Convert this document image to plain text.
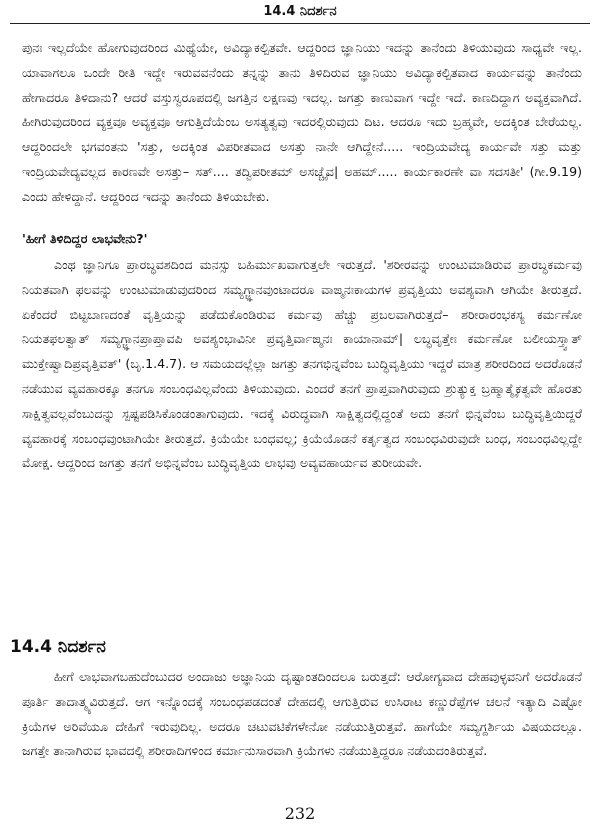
14.4 ನಿದರ್ಶನ

ಪುನಃ ಇಲ್ಲದೆಯೇ ಹೋಗುವುದರಿಂದ ಮಿಥ್ಯೆಯೇ, ಅವಿದ್ಯಾಕಲ್ಪಿತವೇ. ಆದ್ದರಿಂದ ಜ್ಞಾನಿಯು ಇದನ್ನು ತಾನೆಂದು ತಿಳಿಯುವುದು ಸಾಧ್ಯವೇ ಇಲ್ಲ. ಯಾವಾಗಲೂ ಒಂದೇ ರೀತಿ ಇದ್ದೇ ಇರುವವನೆಂದು ತನ್ನನ್ನು ತಾನು ತಿಳಿದಿರುವ ಜ್ಞಾನಿಯು ಅವಿದ್ಯಾಕಲ್ಪಿತವಾದ ಕಾರ್ಯವನ್ನು ತಾನೆಂದು ಹೇಗಾದರೂ ತಿಳಿದಾನು? ಆದರೆ ವಸ್ತುಸ್ವರೂಪದಲ್ಲಿ ಜಗತ್ತಿನ ಲಕ್ಷಣವು ಇದಲ್ಲ. ಜಗತ್ತು ಕಾಣುವಾಗ ಇದ್ದೇ ಇದೆ. ಕಾಣದಿದ್ದಾಗ ಅವ್ಯಕ್ತವಾಗಿದೆ. ಹೀಗಿರುವುದರಿಂದ ವ್ಯಕ್ತವೂ ಅವ್ಯಕ್ತವೂ ಆಗುತ್ತಿದೆಯೆಂಬ ಅಸತ್ಯತ್ವವು ಇದರಲ್ಲಿರುವುದು ದಿಟ. ಆದರೂ ಇದು ಬ್ರಹ್ಮವೇ, ಅದಕ್ಕಿಂತ ಬೇರೆಯಲ್ಲ. ಆದ್ದರಿಂದಲೇ ಭಗವಂತನು 'ಸತ್ತು, ಅದಕ್ಕಿಂತ ವಿಪರೀತವಾದ ಅಸತ್ತು ನಾನೇ ಆಗಿದ್ದೇನೆ..... ಇಂದ್ರಿಯವೇದ್ಯ ಕಾರ್ಯವೇ ಸತ್ತು ಮತ್ತು ಇಂದ್ರಿಯವೇದ್ಯವಲ್ಲದ ಕಾರಣವೇ ಅಸತ್ತು– ಸತ್.... ತದ್ವಿಪರೀತಮ್ ಅಸಚ್ಚೈವ| ಅಹಮ್..... ಕಾರ್ಯಕಾರಣೇ ವಾ ಸದಸತೀ' (ಗೀ.9.19) ಎಂದು ಹೇಳಿದ್ದಾನೆ. ಆದ್ದರಿಂದ ಇದನ್ನು ತಾನೆಂದು ತಿಳಿಯಬೇಕು.

'ಹೀಗೆ ತಿಳಿದಿದ್ದರ ಲಾಭವೇನು?'

ಎಂಥ ಜ್ಞಾನಿಗೂ ಪ್ರಾರಬ್ಧವಶದಿಂದ ಮನಸ್ಸು ಬಹಿರ್ಮುಖವಾಗುತ್ತಲೇ ಇರುತ್ತದೆ. 'ಶರೀರವನ್ನು ಉಂಟುಮಾಡಿರುವ ಪ್ರಾರಬ್ಧಕರ್ಮವು ನಿಯತವಾಗಿ ಫಲವನ್ನು ಉಂಟುಮಾಡುವುದರಿಂದ ಸಮ್ಯಗ್ಜ್ಞಾನವುಂಟಾದರೂ ವಾಙ್ಮನಃಕಾಯಗಳ ಪ್ರವೃತ್ತಿಯು ಅವಶ್ಯವಾಗಿ ಆಗಿಯೇ ತೀರುತ್ತದೆ. ಏಕೆಂದರೆ ಬಿಟ್ಟಬಾಣದಂತೆ ವೃತ್ತಿಯನ್ನು ಪಡೆದುಕೊಂಡಿರುವ ಕರ್ಮವು ಹೆಚ್ಚು ಪ್ರಬಲವಾಗಿರುತ್ತದೆ– ಶರೀರಾರಂಭಕಸ್ಯ ಕರ್ಮಣೋ ನಿಯತಫಲತ್ವಾತ್ ಸಮ್ಯಗ್ಜ್ಞಾನಪ್ರಾಪ್ತಾವಪಿ ಅವಶ್ಯಂಭಾವಿನೀ ಪ್ರವೃತ್ತಿರ್ವಾಙ್ಮನಃ ಕಾಯಾನಾಮ್| ಲಬ್ಧವೃತ್ತೇಃ ಕರ್ಮಣೋ ಬಲೀಯಸ್ತ್ವಾತ್ ಮುಕ್ತೇಷ್ವಾದಿಪ್ರವೃತ್ತಿವತ್' (ಬೃ.1.4.7). ಆ ಸಮಯದಲ್ಲೆಲ್ಲಾ ಜಗತ್ತು ತನಗಭಿನ್ನವೆಂಬ ಬುದ್ಧಿವೃತ್ತಿಯು ಇದ್ದರೆ ಮಾತ್ರ ಶರೀರದಿಂದ ಅದರೊಡನೆ ನಡೆಯುವ ವ್ಯವಹಾರಕ್ಕೂ ತನಗೂ ಸಂಬಂಧವಿಲ್ಲವೆಂದು ತಿಳಿಯುವುದು. ಎಂದರೆ ತನಗೆ ಪ್ರಾಪ್ತವಾಗಿರುವುದು ಶ್ರುತ್ಯುಕ್ತ ಬ್ರಹ್ಮಾತ್ಮೈಕತ್ವವೇ ಹೊರತು ಸಾಕ್ಷಿತ್ವವಲ್ಲವೆಂಬುದನ್ನು ಸ್ಪಷ್ಟಪಡಿಸಿಕೊಂಡಂತಾಗುವುದು. ಇದಕ್ಕೆ ವಿರುದ್ಧವಾಗಿ ಸಾಕ್ಷಿತ್ವದಲ್ಲಿದ್ದಂತೆ ಅದು ತನಗೆ ಭಿನ್ನವೆಂಬ ಬುದ್ಧಿವೃತ್ತಿಯಿದ್ದರೆ ವ್ಯವಹಾರಕ್ಕೆ ಸಂಬಂಧವುಂಟಾಗಿಯೇ ತೀರುತ್ತದೆ. ಕ್ರಿಯೆಯೇ ಬಂಧವಲ್ಲ; ಕ್ರಿಯೆಯೊಡನೆ ಕರ್ತೃತ್ವದ ಸಂಬಂಧವಿರುವುದೇ ಬಂಧ, ಸಂಬಂಧವಿಲ್ಲದ್ದೇ ಮೋಕ್ಷ. ಆದ್ದರಿಂದ ಜಗತ್ತು ತನಗೆ ಅಭಿನ್ನವೆಂಬ ಬುದ್ಧಿವೃತ್ತಿಯ ಲಾಭವು ಅವ್ಯವಹಾರ್ಯವ ತುರೀಯವೇ.

14.4 ನಿದರ್ಶನ

ಹೀಗೆ ಲಾಭವಾಗಬಹುದೆಂಬುದರ ಅಂದಾಜು ಅಜ್ಞಾನಿಯ ದೃಷ್ಟಾಂತದಿಂದಲೂ ಬರುತ್ತದೆ: ಆರೋಗ್ಯವಾದ ದೇಹವುಳ್ಳವನಿಗೆ ಅದರೊಡನೆ ಪೂರ್ತಿ ತಾದಾತ್ಮ್ಯವಿರುತ್ತದೆ. ಆಗ ಇನ್ನೊಂದಕ್ಕೆ ಸಂಬಂಧಪಡದಂತೆ ದೇಹದಲ್ಲಿ ಆಗುತ್ತಿರುವ ಉಸಿರಾಟ ಕಣ್ಣುರೆಪ್ಪೆಗಳ ಚಲನೆ ಇತ್ಯಾದಿ ಎಷ್ಟೋ ಕ್ರಿಯೆಗಳ ಅರಿವೆಯೂ ದೇಹಿಗೆ ಇರುವುದಿಲ್ಲ. ಅದರೂ ಚಟುವಟಿಕೆಗಳೇನೋ ನಡೆಯುತ್ತಿರುತ್ತವೆ. ಹಾಗೆಯೇ ಸಮ್ಯಗ್ದರ್ಶಿಯ ವಿಷಯದಲ್ಲೂ. ಜಗತ್ತೇ ತಾನಾಗಿರುವ ಭಾವದಲ್ಲಿ ಶರೀರಾದಿಗಳಿಂದ ಕರ್ಮಾನುಸಾರವಾಗಿ ಕ್ರಿಯೆಗಳು ನಡೆಯುತ್ತಿದ್ದರೂ ನಡೆಯದಂತಿರುತ್ತವೆ.

232
